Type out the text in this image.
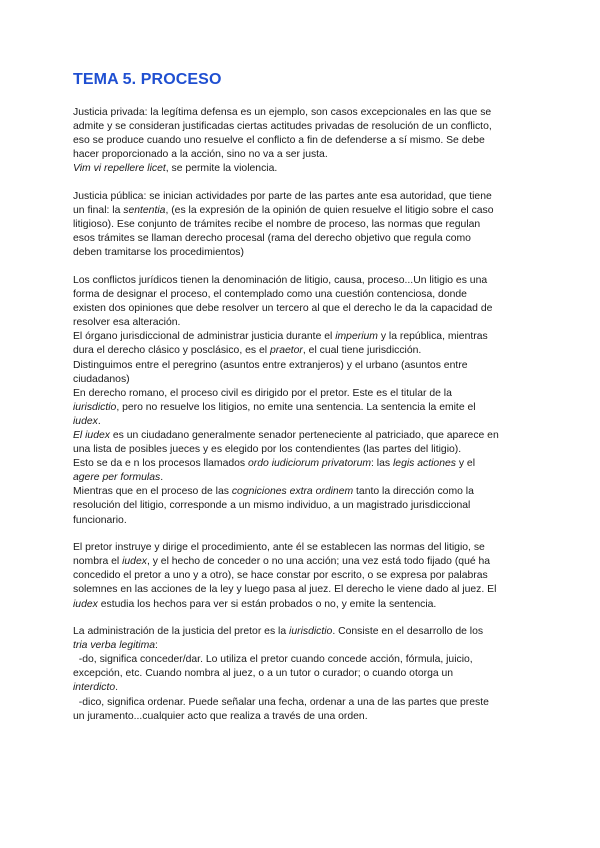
TEMA 5. PROCESO
Justicia privada: la legítima defensa es un ejemplo, son casos excepcionales en las que se
admite y se consideran justificadas ciertas actitudes privadas de resolución de un conflicto,
eso se produce cuando uno resuelve el conflicto a fin de defenderse a sí mismo. Se debe
hacer proporcionado a la acción, sino no va a ser justa.
Vim vi repellere licet, se permite la violencia.
Justicia pública: se inician actividades por parte de las partes ante esa autoridad, que tiene
un final: la sententia, (es la expresión de la opinión de quien resuelve el litigio sobre el caso
litigioso). Ese conjunto de trámites recibe el nombre de proceso, las normas que regulan
esos trámites se llaman derecho procesal (rama del derecho objetivo que regula como
deben tramitarse los procedimientos)
Los conflictos jurídicos tienen la denominación de litigio, causa, proceso...Un litigio es una
forma de designar el proceso, el contemplado como una cuestión contenciosa, donde
existen dos opiniones que debe resolver un tercero al que el derecho le da la capacidad de
resolver esa alteración.
El órgano jurisdiccional de administrar justicia durante el imperium y la república, mientras
dura el derecho clásico y posclásico, es el praetor, el cual tiene jurisdicción.
Distinguimos entre el peregrino (asuntos entre extranjeros) y el urbano (asuntos entre
ciudadanos)
En derecho romano, el proceso civil es dirigido por el pretor. Este es el titular de la
iurisdictio, pero no resuelve los litigios, no emite una sentencia. La sentencia la emite el
iudex.
El iudex es un ciudadano generalmente senador perteneciente al patriciado, que aparece en
una lista de posibles jueces y es elegido por los contendientes (las partes del litigio).
Esto se da e n los procesos llamados ordo iudiciorum privatorum: las legis actiones y el
agere per formulas.
Mientras que en el proceso de las cogniciones extra ordinem tanto la dirección como la
resolución del litigio, corresponde a un mismo individuo, a un magistrado jurisdiccional
funcionario.
El pretor instruye y dirige el procedimiento, ante él se establecen las normas del litigio, se
nombra el iudex, y el hecho de conceder o no una acción; una vez está todo fijado (qué ha
concedido el pretor a uno y a otro), se hace constar por escrito, o se expresa por palabras
solemnes en las acciones de la ley y luego pasa al juez. El derecho le viene dado al juez. El
iudex estudia los hechos para ver si están probados o no, y emite la sentencia.
La administración de la justicia del pretor es la iurisdictio. Consiste en el desarrollo de los
tria verba legitima:
-do, significa conceder/dar. Lo utiliza el pretor cuando concede acción, fórmula, juicio,
excepción, etc. Cuando nombra al juez, o a un tutor o curador; o cuando otorga un
interdicto.
-dico, significa ordenar. Puede señalar una fecha, ordenar a una de las partes que preste
un juramento...cualquier acto que realiza a través de una orden.
